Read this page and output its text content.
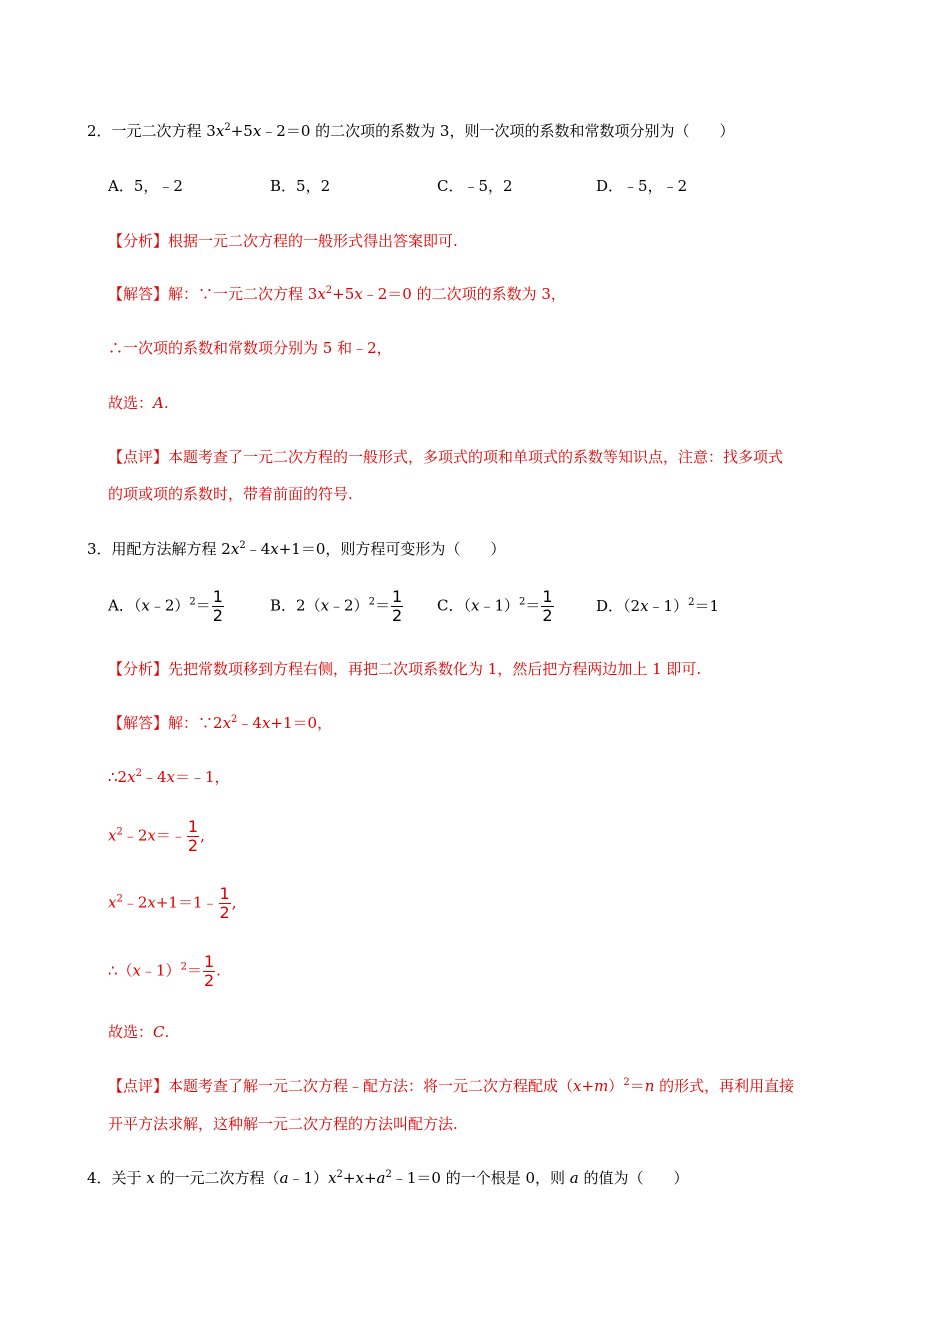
2．一元二次方程 $3x^2+5x﹣2=0$ 的二次项的系数为 3，则一次项的系数和常数项分别为（　　）
A．5，﹣2	B．5，2	C．﹣5，2	D．﹣5，﹣2
【分析】根据一元二次方程的一般形式得出答案即可.
【解答】解：∵一元二次方程 $3x^2+5x﹣2=0$ 的二次项的系数为 3，
∴一次项的系数和常数项分别为 5 和﹣2，
故选：A.
【点评】本题考查了一元二次方程的一般形式，多项式的项和单项式的系数等知识点，注意：找多项式
的项或项的系数时，带着前面的符号.
3．用配方法解方程 $2x^2﹣4x+1=0$，则方程可变形为（　　）
A．（x﹣2）$^2$＝ $\frac{1}{2}$	B．2（x﹣2）$^2$＝ $\frac{1}{2}$ C．（x﹣1）$^2$＝ $\frac{1}{2}$	D．（2x﹣1）$^2$＝1
【分析】先把常数项移到方程右侧，再把二次项系数化为 1，然后把方程两边加上 1 即可.
【解答】解：$\because 2x^2﹣4x+1=0$，
$\therefore 2x^2﹣4x=﹣1$，
$x^2﹣2x=﹣ \frac{1}{2}$ ,
$x^2﹣2x+1=1﹣ \frac{1}{2}$ ,
∴（x﹣1）$^2$＝ $\frac{1}{2}$ .
故选：C.
【点评】本题考查了解一元二次方程﹣配方法：将一元二次方程配成$(x+m)^2=n$ 的形式，再利用直接
开平方法求解，这种解一元二次方程的方法叫配方法.
4．关于 x 的一元二次方程$(a﹣1)x^2+x+a^2﹣1=0$ 的一个根是 0，则 a 的值为（　　）
